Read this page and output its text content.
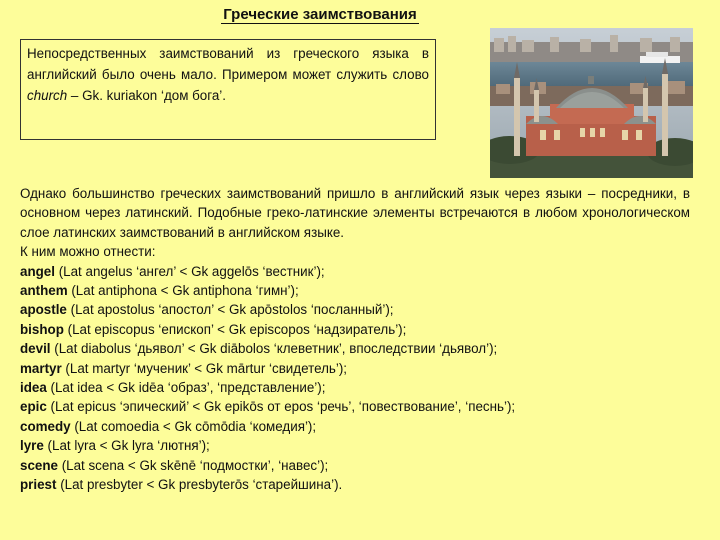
Греческие заимствования
Непосредственных заимствований из греческого языка в английский было очень мало. Примером может служить слово church – Gk. kuriakon ‘дом бога’.

Однако большинство греческих заимствований пришло в английский язык через языки – посредники, в основном через латинский. Подобные греко-латинские элементы встречаются в любом хронологическом слое латинских заимствований в английском языке.

К ним можно отнести:

angel (Lat angelus ‘ангел’ < Gk aggelōs ‘вестник’);

anthem (Lat antiphona < Gk antiphona ‘гимн’);

apostle (Lat apostolus ‘апостол’ < Gk apōstolos ‘посланный’);

bishop (Lat episcopus ‘епископ’ < Gk episcopos ‘надзиратель’);

devil (Lat diabolus ‘дьявол’ < Gk diābolos ‘клеветник’, впоследствии ‘дьявол’);

martyr (Lat martyr ‘мученик’ < Gk mārtur ‘свидетель’);

idea (Lat idea < Gk idēa ‘образ’, ‘представление’);

epic (Lat epicus ‘эпический’ < Gk epikōs от epos ‘речь’, ‘повествование’, ‘песнь’);

comedy (Lat comoedia < Gk cōmōdia ‘комедия’);

lyre (Lat lyra < Gk lyra ‘лютня’);

scene (Lat scena < Gk skēnē ‘подмостки’, ‘навес’);

priest (Lat presbyter < Gk presbyterōs ‘старейшина’).
